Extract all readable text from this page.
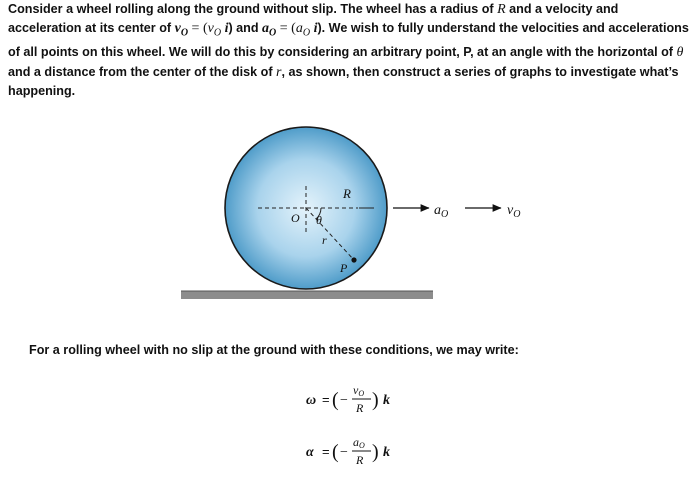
Consider a wheel rolling along the ground without slip. The wheel has a radius of R and a velocity and acceleration at its center of $v_O = (v_O$ i) and $a_O = (a_O$ i). We wish to fully understand the velocities and accelerations of all points on this wheel. We will do this by considering an arbitrary point, P, at an angle with the horizontal of θ and a distance from the center of the disk of r, as shown, then construct a series of graphs to investigate what’s happening.
R
O θ
r
P
$a_O$	$v_O$
ω = ( −
vO
R ) k
α = ( −
aO
R ) k
For a rolling wheel with no slip at the ground with these conditions, we may write:
